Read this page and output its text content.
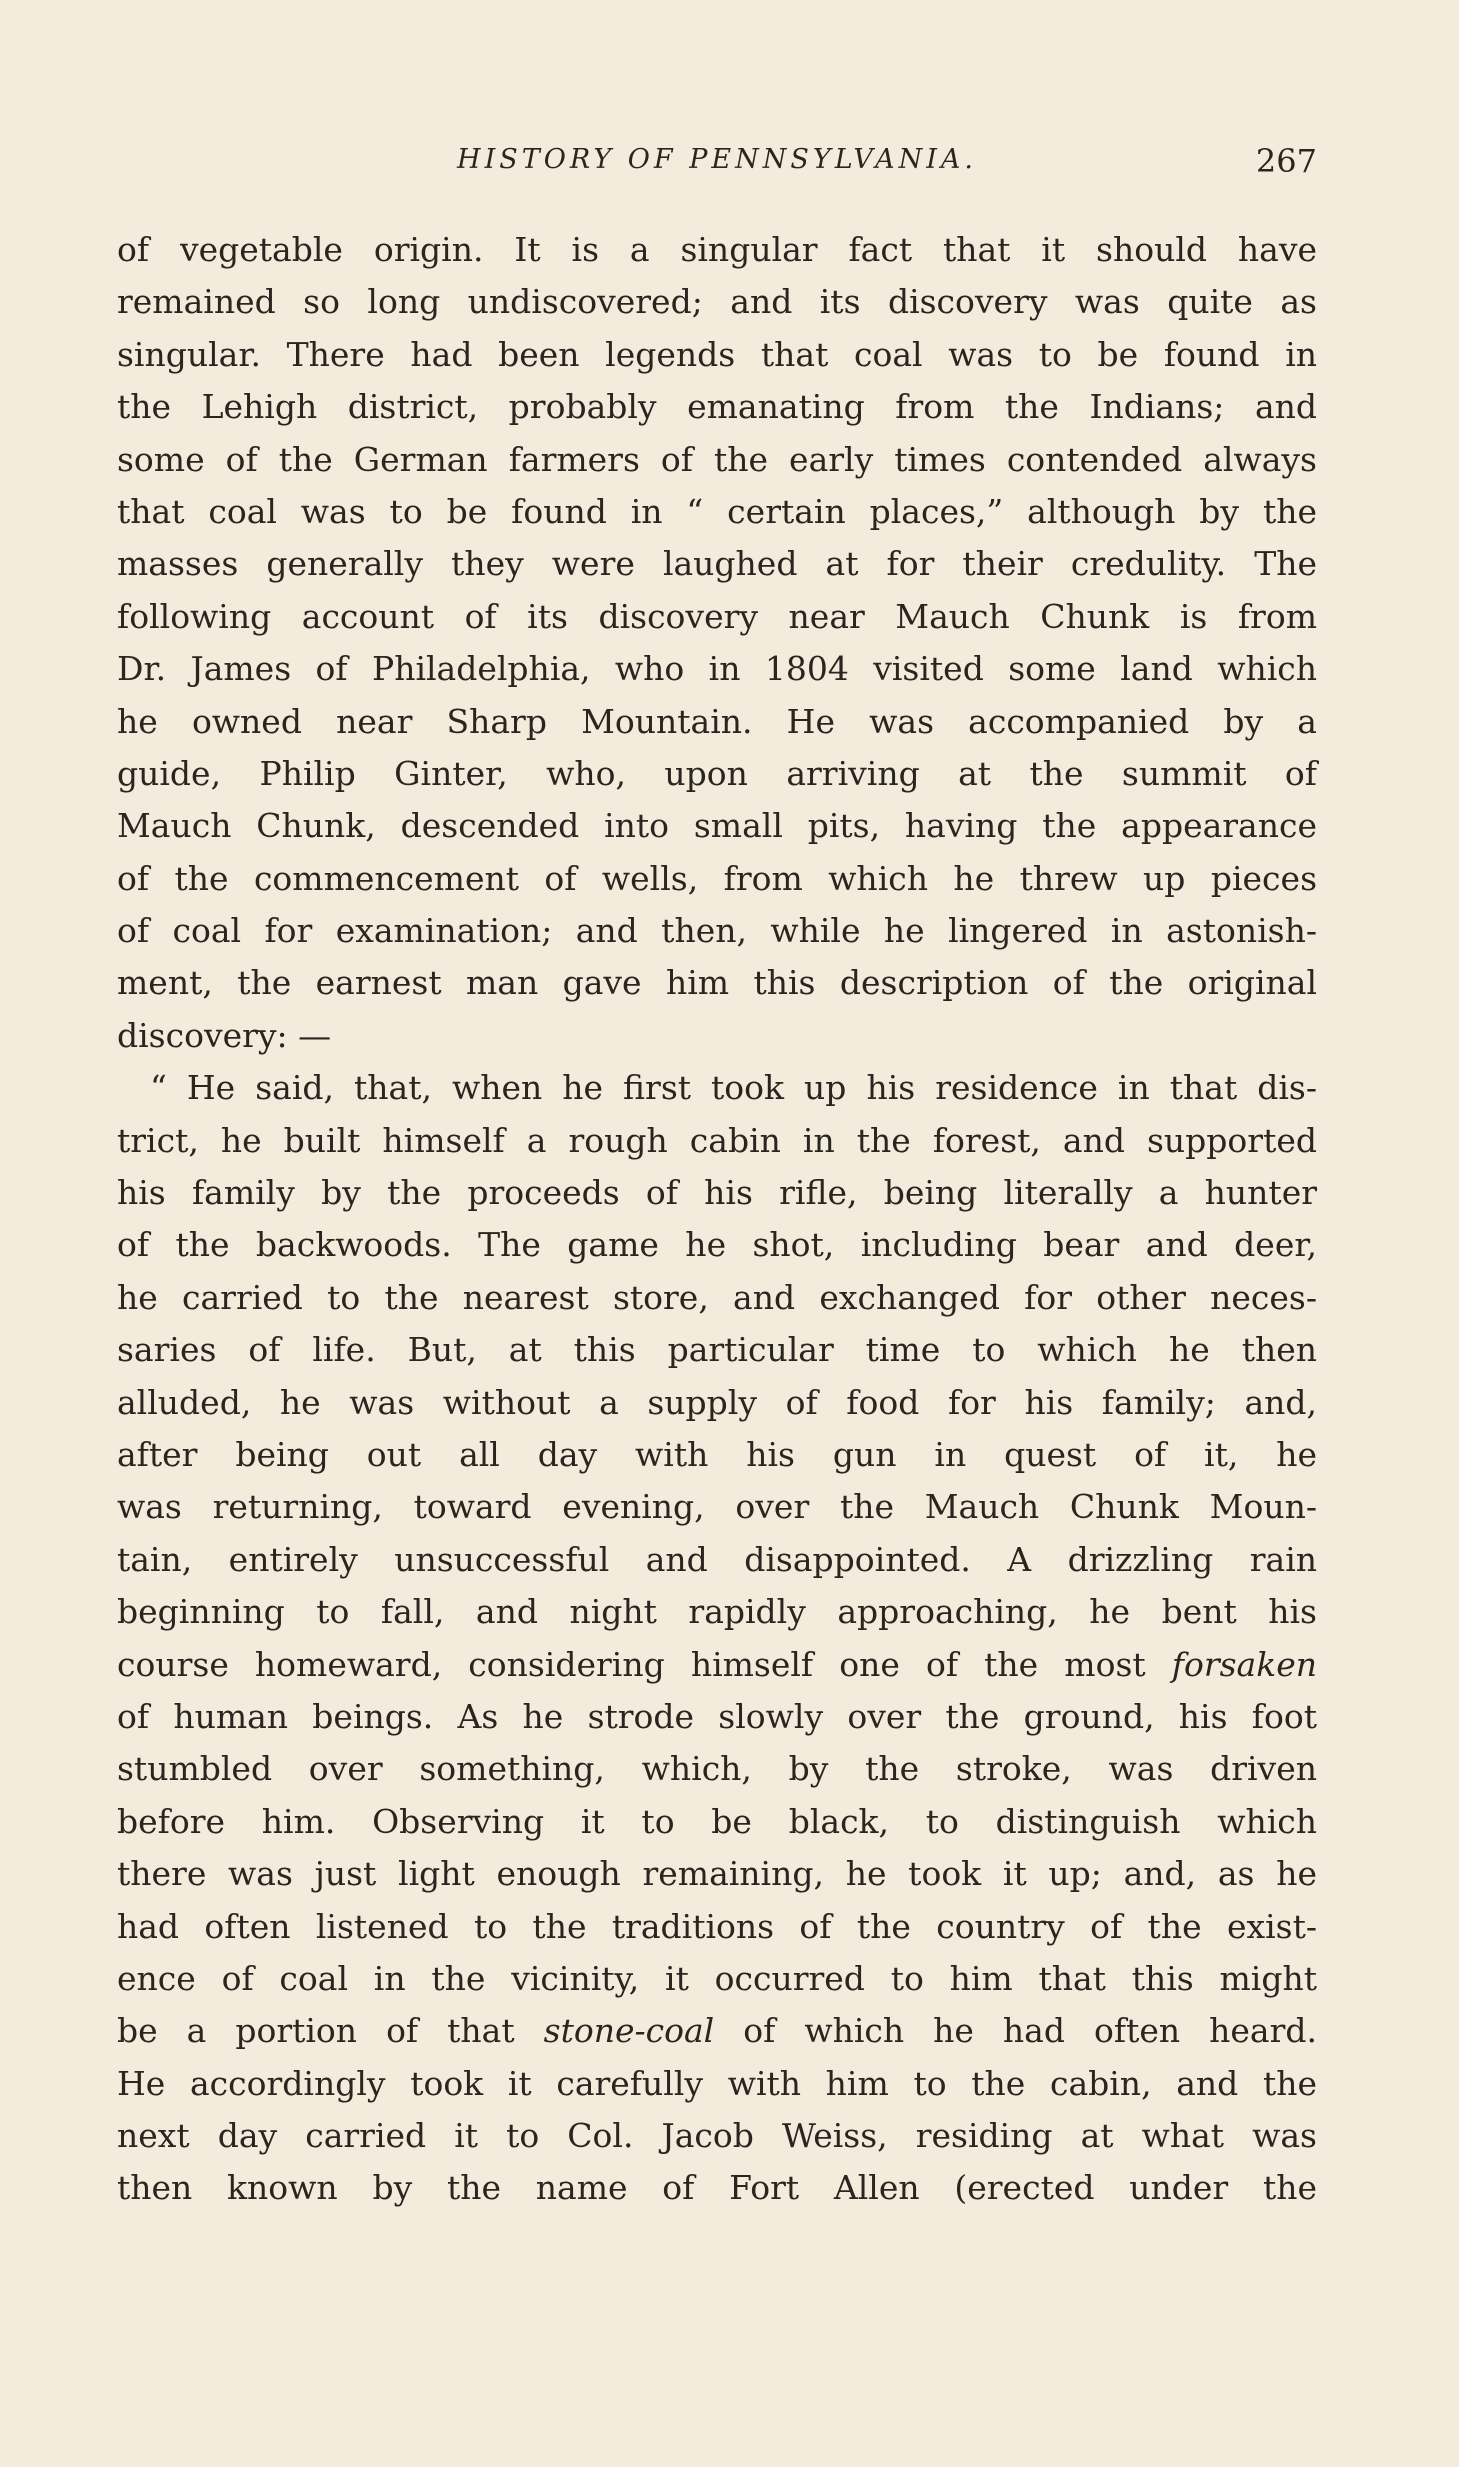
HISTORY OF PENNSYLVANIA.	267
of vegetable origin. It is a singular fact that it should have
remained so long undiscovered; and its discovery was quite as
singular. There had been legends that coal was to be found in
the Lehigh district, probably emanating from the Indians; and
some of the German farmers of the early times contended always
that coal was to be found in “ certain places,” although by the
masses generally they were laughed at for their credulity. The
following account of its discovery near Mauch Chunk is from
Dr. James of Philadelphia, who in 1804 visited some land which
he owned near Sharp Mountain. He was accompanied by a
guide, Philip Ginter, who, upon arriving at the summit of
Mauch Chunk, descended into small pits, having the appearance
of the commencement of wells, from which he threw up pieces
of coal for examination; and then, while he lingered in astonish-
ment, the earnest man gave him this description of the original
discovery: —
“ He said, that, when he first took up his residence in that dis-
trict, he built himself a rough cabin in the forest, and supported
his family by the proceeds of his rifle, being literally a hunter
of the backwoods. The game he shot, including bear and deer,
he carried to the nearest store, and exchanged for other neces-
saries of life. But, at this particular time to which he then
alluded, he was without a supply of food for his family; and,
after being out all day with his gun in quest of it, he
was returning, toward evening, over the Mauch Chunk Moun-
tain, entirely unsuccessful and disappointed. A drizzling rain
beginning to fall, and night rapidly approaching, he bent his
course homeward, considering himself one of the most forsaken
of human beings. As he strode slowly over the ground, his foot
stumbled over something, which, by the stroke, was driven
before him. Observing it to be black, to distinguish which
there was just light enough remaining, he took it up; and, as he
had often listened to the traditions of the country of the exist-
ence of coal in the vicinity, it occurred to him that this might
be a portion of that stone-coal of which he had often heard.
He accordingly took it carefully with him to the cabin, and the
next day carried it to Col. Jacob Weiss, residing at what was
then known by the name of Fort Allen (erected under the
